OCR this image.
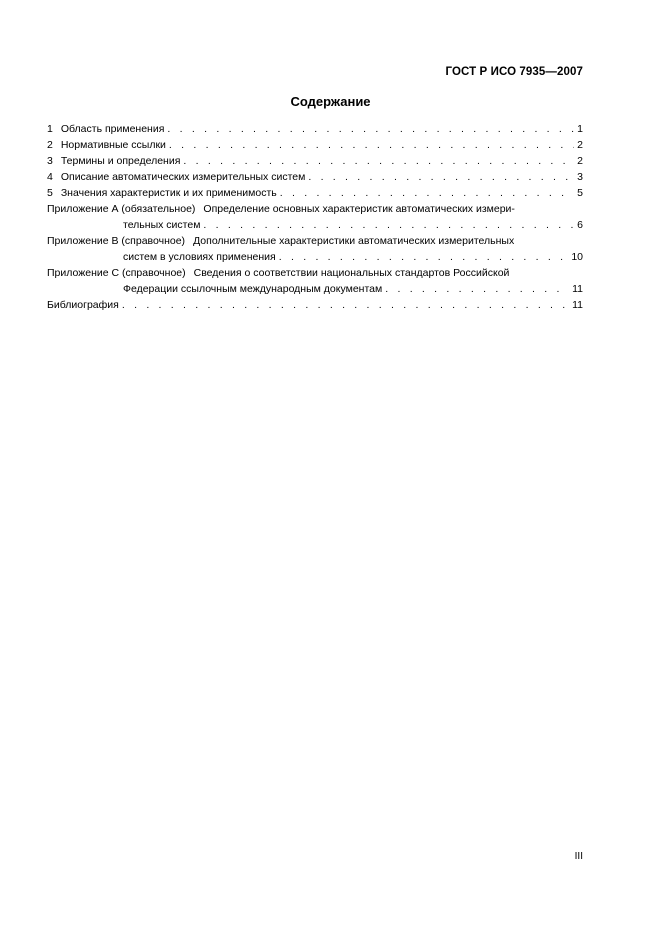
ГОСТ Р ИСО 7935—2007
Содержание
1 Область применения . . .	1
2 Нормативные ссылки . . .	2
3 Термины и определения . . .	2
4 Описание автоматических измерительных систем . . .	3
5 Значения характеристик и их применимость . . .	5
Приложение А (обязательное) Определение основных характеристик автоматических измери-
тельных систем . . .	6
Приложение В (справочное) Дополнительные характеристики автоматических измерительных
систем в условиях применения . . .	10
Приложение С (справочное) Сведения о соответствии национальных стандартов Российской
Федерации ссылочным международным документам . . .	11
Библиография . . .	11
III
